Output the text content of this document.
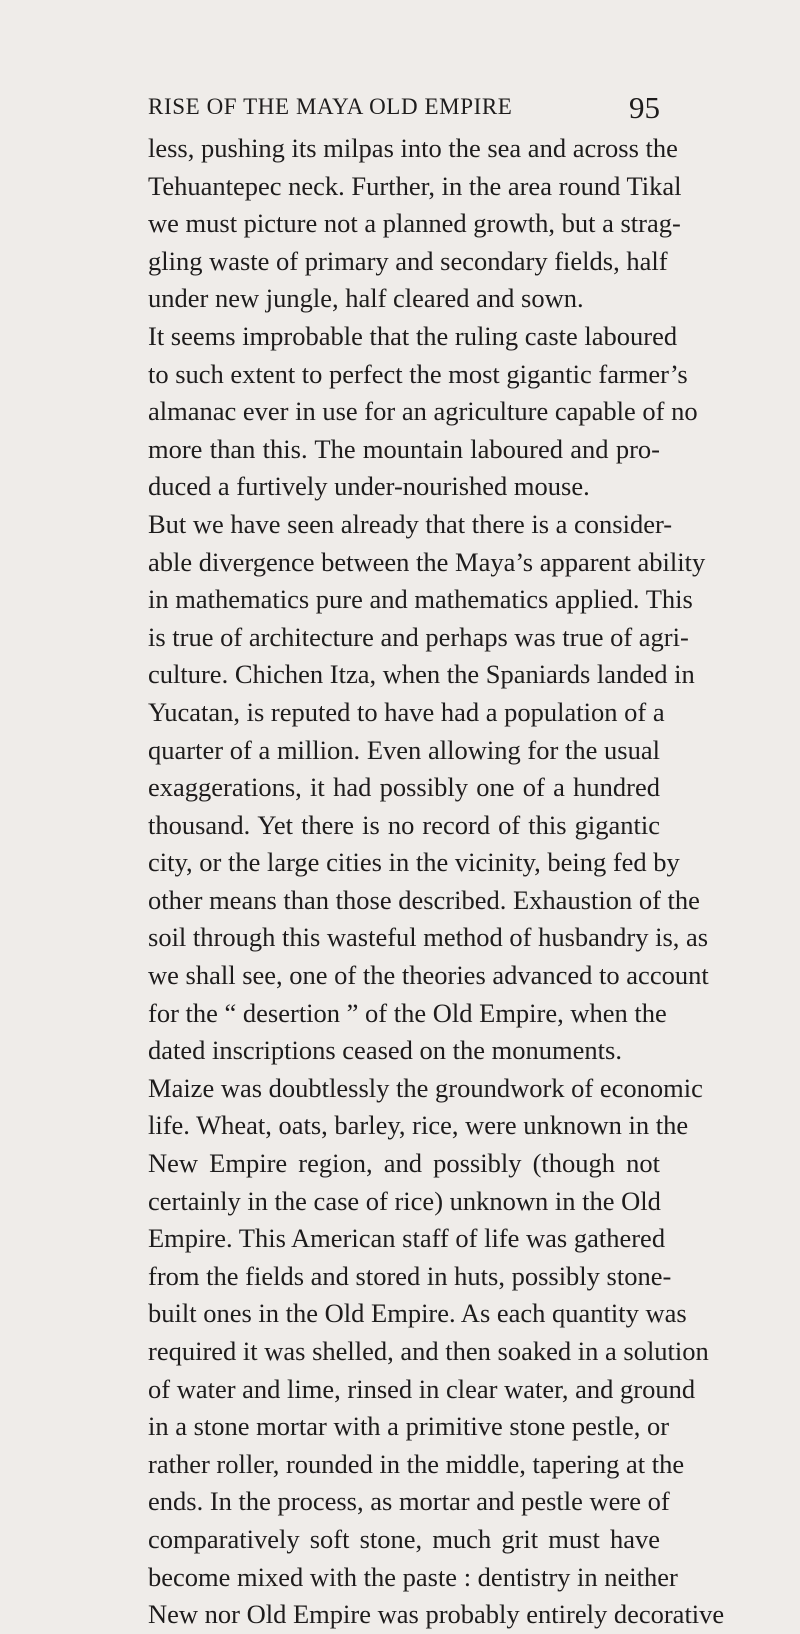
RISE OF THE MAYA OLD EMPIRE	95
less, pushing its milpas into the sea and across the
Tehuantepec neck. Further, in the area round Tikal
we must picture not a planned growth, but a strag-
gling waste of primary and secondary fields, half
under new jungle, half cleared and sown.
It seems improbable that the ruling caste laboured
to such extent to perfect the most gigantic farmer’s
almanac ever in use for an agriculture capable of no
more than this. The mountain laboured and pro-
duced a furtively under-nourished mouse.
But we have seen already that there is a consider-
able divergence between the Maya’s apparent ability
in mathematics pure and mathematics applied. This
is true of architecture and perhaps was true of agri-
culture. Chichen Itza, when the Spaniards landed in
Yucatan, is reputed to have had a population of a
quarter of a million. Even allowing for the usual
exaggerations, it had possibly one of a hundred
thousand. Yet there is no record of this gigantic
city, or the large cities in the vicinity, being fed by
other means than those described. Exhaustion of the
soil through this wasteful method of husbandry is, as
we shall see, one of the theories advanced to account
for the “ desertion ” of the Old Empire, when the
dated inscriptions ceased on the monuments.
Maize was doubtlessly the groundwork of economic
life. Wheat, oats, barley, rice, were unknown in the
New Empire region, and possibly (though not
certainly in the case of rice) unknown in the Old
Empire. This American staff of life was gathered
from the fields and stored in huts, possibly stone-
built ones in the Old Empire. As each quantity was
required it was shelled, and then soaked in a solution
of water and lime, rinsed in clear water, and ground
in a stone mortar with a primitive stone pestle, or
rather roller, rounded in the middle, tapering at the
ends. In the process, as mortar and pestle were of
comparatively soft stone, much grit must have
become mixed with the paste : dentistry in neither
New nor Old Empire was probably entirely decorative
